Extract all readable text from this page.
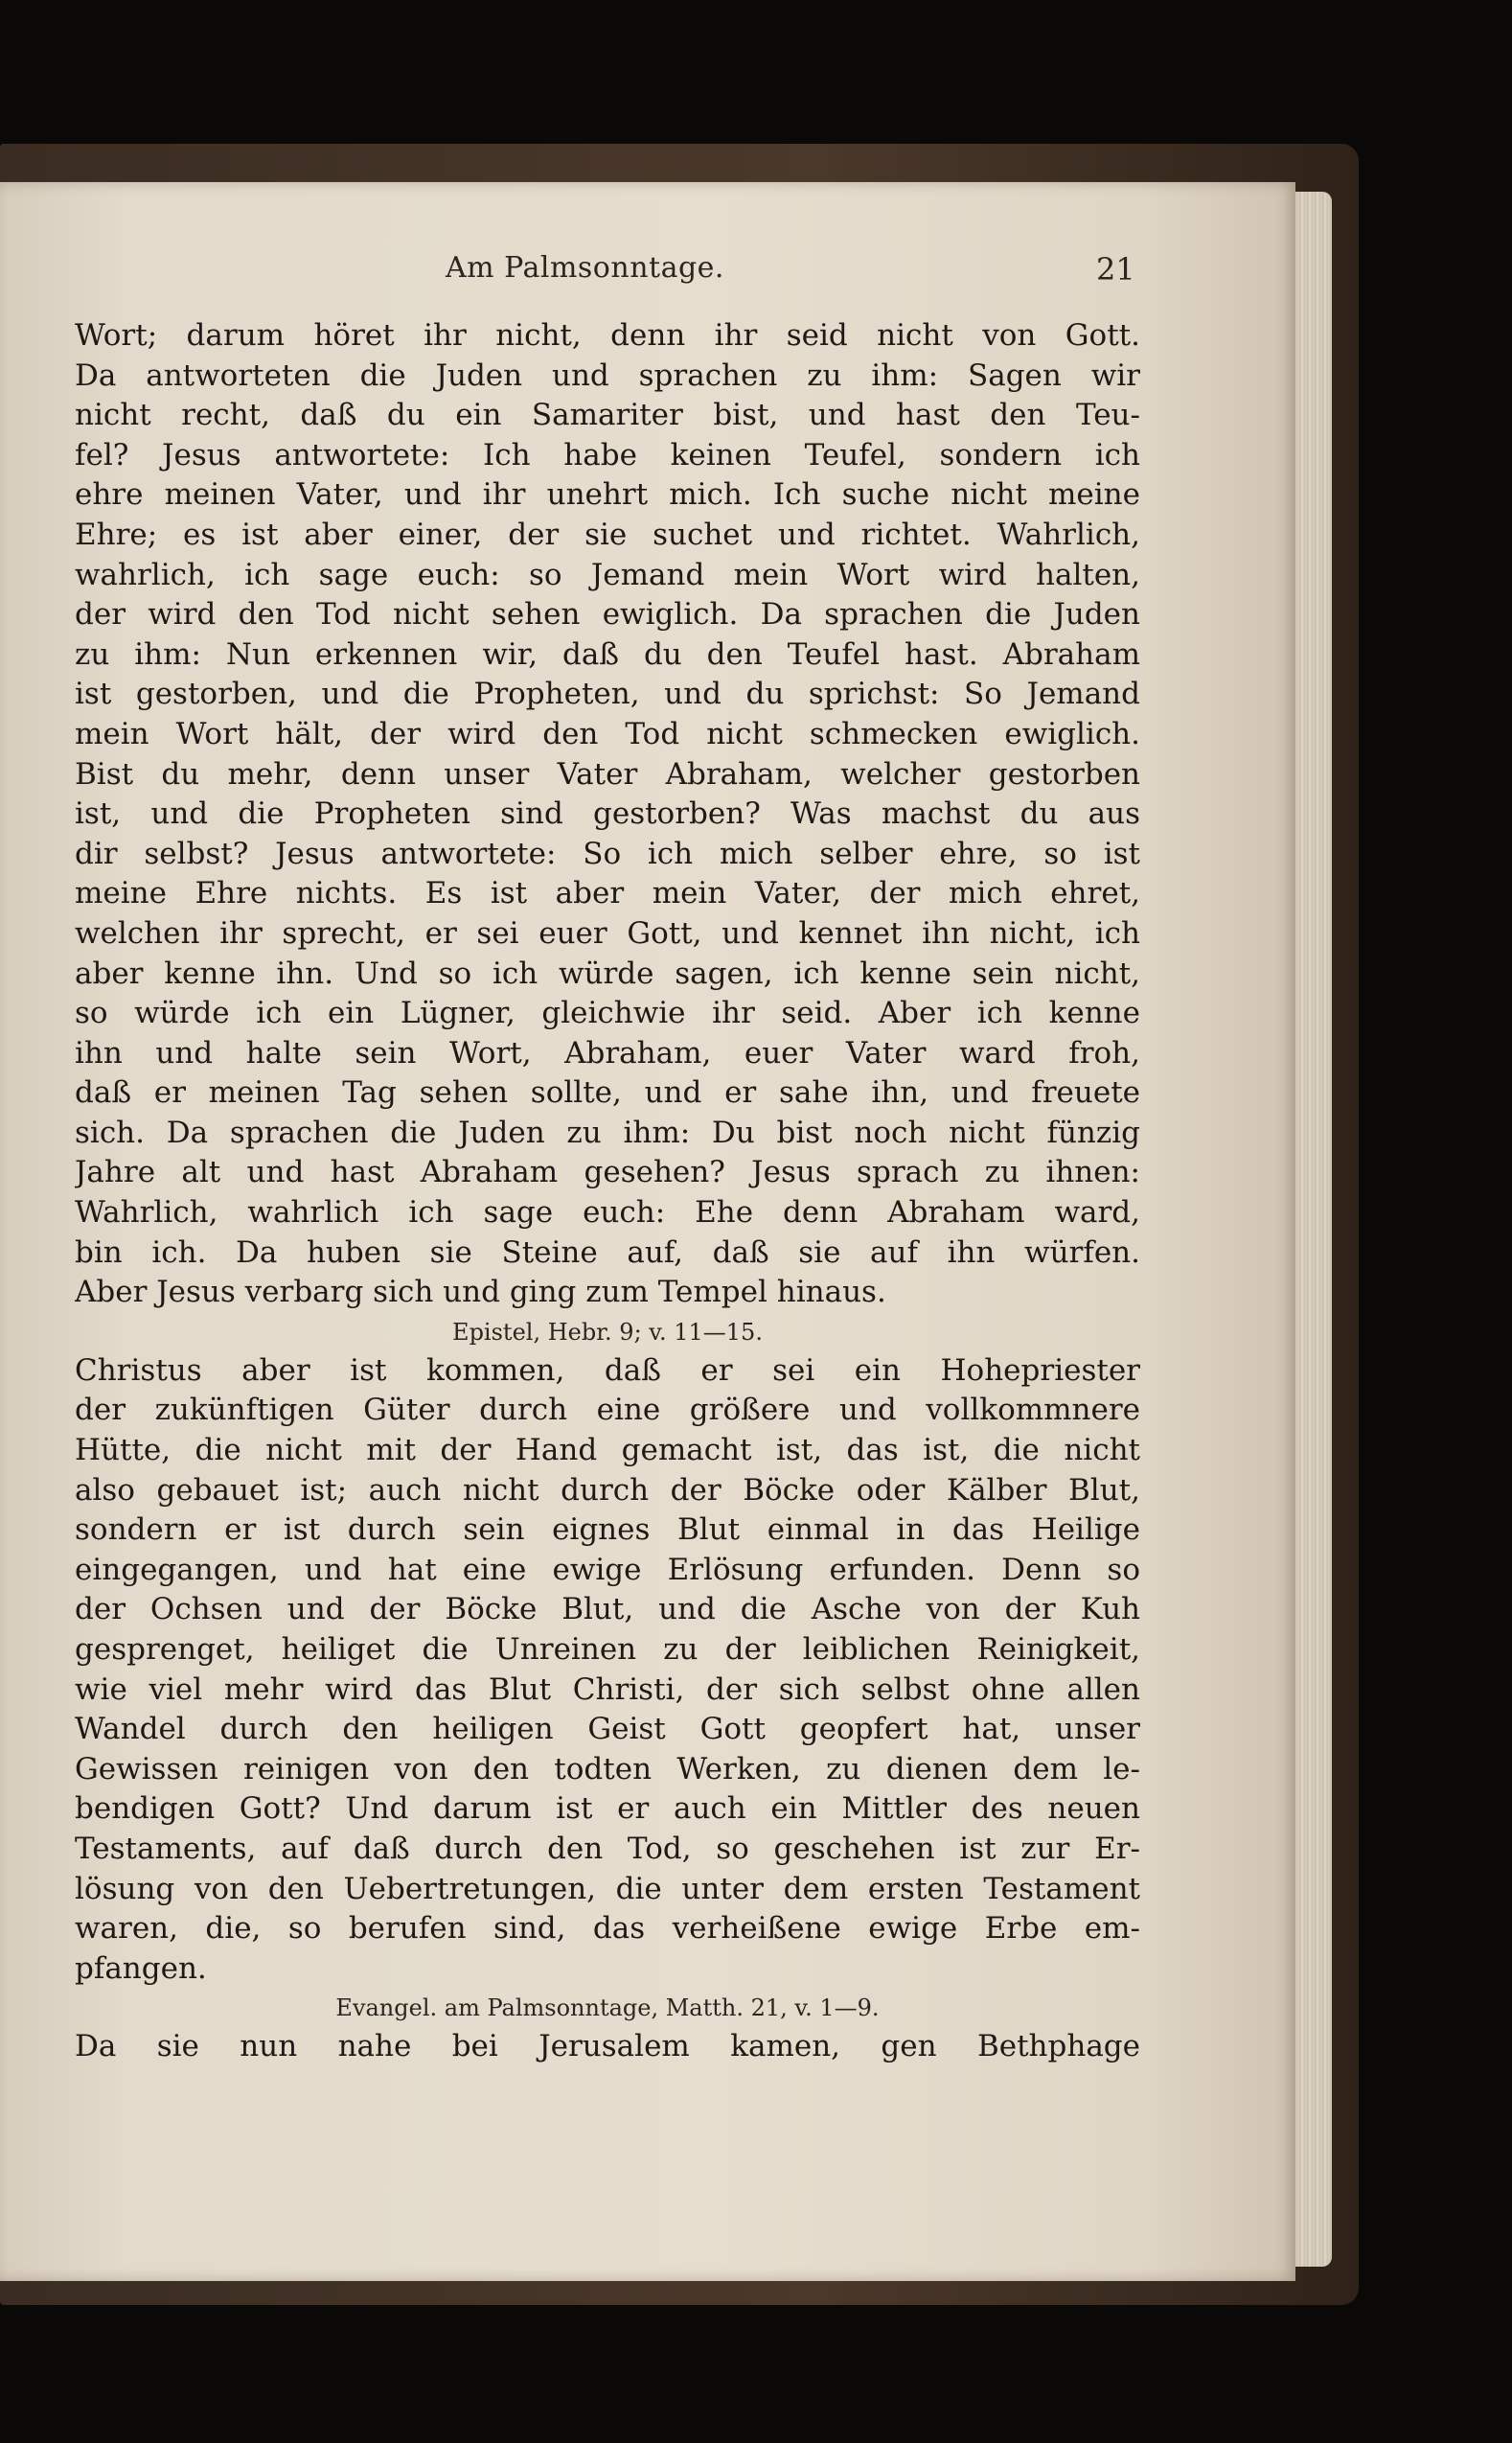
Am Palmsonntage.	21
Wort; darum höret ihr nicht, denn ihr seid nicht von Gott.
Da antworteten die Juden und sprachen zu ihm: Sagen wir
nicht recht, daß du ein Samariter bist, und hast den Teu-
fel? Jesus antwortete: Ich habe keinen Teufel, sondern ich
ehre meinen Vater, und ihr unehrt mich. Ich suche nicht meine
Ehre; es ist aber einer, der sie suchet und richtet. Wahrlich,
wahrlich, ich sage euch: so Jemand mein Wort wird halten,
der wird den Tod nicht sehen ewiglich. Da sprachen die Juden
zu ihm: Nun erkennen wir, daß du den Teufel hast. Abraham
ist gestorben, und die Propheten, und du sprichst: So Jemand
mein Wort hält, der wird den Tod nicht schmecken ewiglich.
Bist du mehr, denn unser Vater Abraham, welcher gestorben
ist, und die Propheten sind gestorben? Was machst du aus
dir selbst? Jesus antwortete: So ich mich selber ehre, so ist
meine Ehre nichts. Es ist aber mein Vater, der mich ehret,
welchen ihr sprecht, er sei euer Gott, und kennet ihn nicht, ich
aber kenne ihn. Und so ich würde sagen, ich kenne sein nicht,
so würde ich ein Lügner, gleichwie ihr seid. Aber ich kenne
ihn und halte sein Wort, Abraham, euer Vater ward froh,
daß er meinen Tag sehen sollte, und er sahe ihn, und freuete
sich. Da sprachen die Juden zu ihm: Du bist noch nicht fünzig
Jahre alt und hast Abraham gesehen? Jesus sprach zu ihnen:
Wahrlich, wahrlich ich sage euch: Ehe denn Abraham ward,
bin ich. Da huben sie Steine auf, daß sie auf ihn würfen.
Aber Jesus verbarg sich und ging zum Tempel hinaus.
Epistel, Hebr. 9; v. 11—15.
Christus aber ist kommen, daß er sei ein Hohepriester
der zukünftigen Güter durch eine größere und vollkommnere
Hütte, die nicht mit der Hand gemacht ist, das ist, die nicht
also gebauet ist; auch nicht durch der Böcke oder Kälber Blut,
sondern er ist durch sein eignes Blut einmal in das Heilige
eingegangen, und hat eine ewige Erlösung erfunden. Denn so
der Ochsen und der Böcke Blut, und die Asche von der Kuh
gesprenget, heiliget die Unreinen zu der leiblichen Reinigkeit,
wie viel mehr wird das Blut Christi, der sich selbst ohne allen
Wandel durch den heiligen Geist Gott geopfert hat, unser
Gewissen reinigen von den todten Werken, zu dienen dem le-
bendigen Gott? Und darum ist er auch ein Mittler des neuen
Testaments, auf daß durch den Tod, so geschehen ist zur Er-
lösung von den Uebertretungen, die unter dem ersten Testament
waren, die, so berufen sind, das verheißene ewige Erbe em-
pfangen.
Evangel. am Palmsonntage, Matth. 21, v. 1—9.
Da sie nun nahe bei Jerusalem kamen, gen Bethphage
